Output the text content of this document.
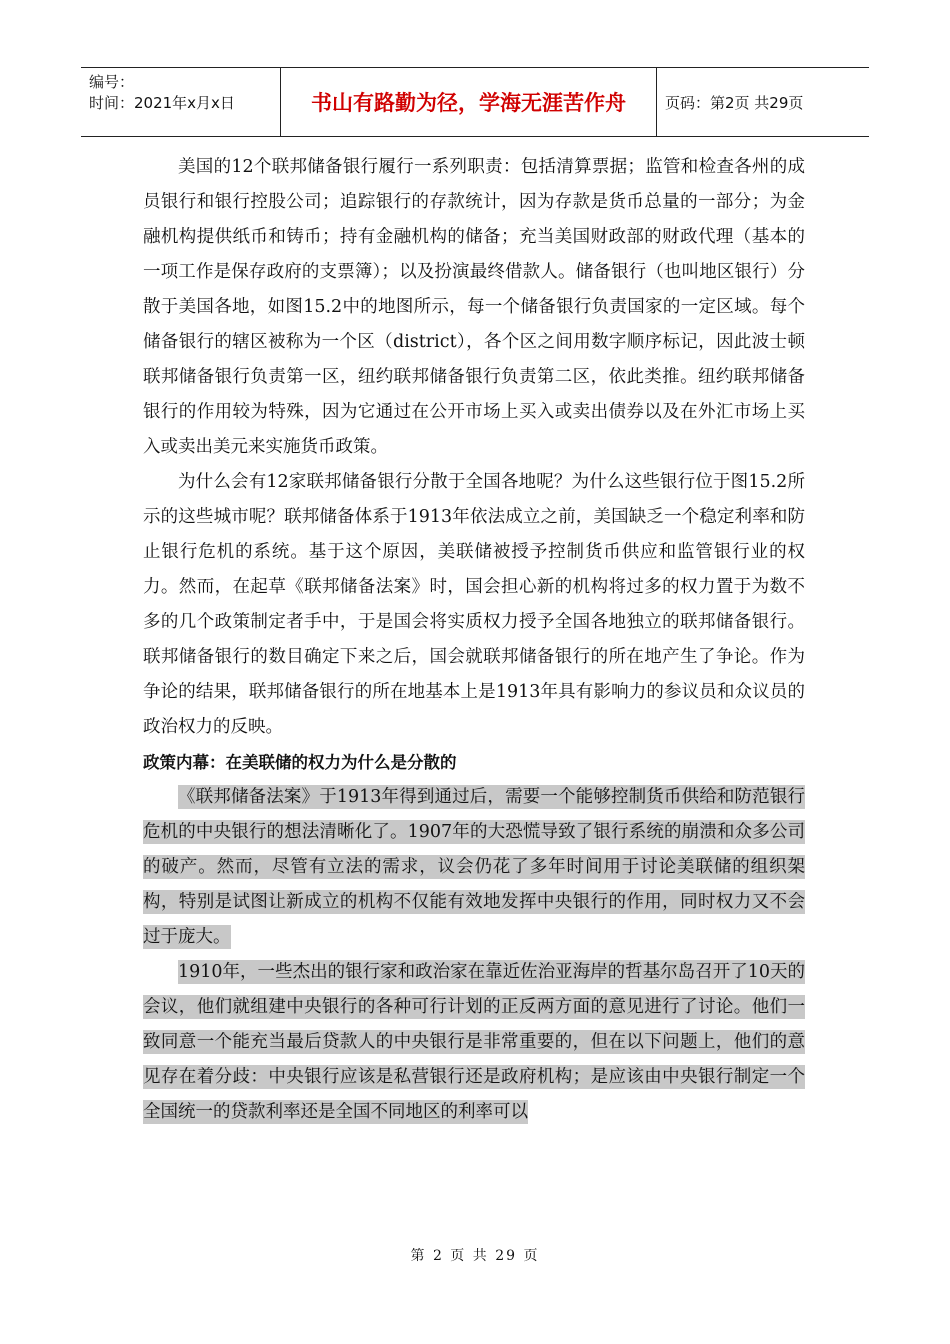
编号：
时间：2021年x月x日	书山有路勤为径，学海无涯苦作舟	页码：第2页 共29页

美国的12个联邦储备银行履行一系列职责：包括清算票据；监管和检查各州的成员银行和银行控股公司；追踪银行的存款统计，因为存款是货币总量的一部分；为金融机构提供纸币和铸币；持有金融机构的储备；充当美国财政部的财政代理（基本的一项工作是保存政府的支票簿）；以及扮演最终借款人。储备银行（也叫地区银行）分散于美国各地，如图15.2中的地图所示，每一个储备银行负责国家的一定区域。每个储备银行的辖区被称为一个区（district），各个区之间用数字顺序标记，因此波士顿联邦储备银行负责第一区，纽约联邦储备银行负责第二区，依此类推。纽约联邦储备银行的作用较为特殊，因为它通过在公开市场上买入或卖出债券以及在外汇市场上买入或卖出美元来实施货币政策。

为什么会有12家联邦储备银行分散于全国各地呢？为什么这些银行位于图15.2所示的这些城市呢？联邦储备体系于1913年依法成立之前，美国缺乏一个稳定利率和防止银行危机的系统。基于这个原因，美联储被授予控制货币供应和监管银行业的权力。然而，在起草《联邦储备法案》时，国会担心新的机构将过多的权力置于为数不多的几个政策制定者手中，于是国会将实质权力授予全国各地独立的联邦储备银行。联邦储备银行的数目确定下来之后，国会就联邦储备银行的所在地产生了争论。作为争论的结果，联邦储备银行的所在地基本上是1913年具有影响力的参议员和众议员的政治权力的反映。

政策内幕：在美联储的权力为什么是分散的

《联邦储备法案》于1913年得到通过后，需要一个能够控制货币供给和防范银行危机的中央银行的想法清晰化了。1907年的大恐慌导致了银行系统的崩溃和众多公司的破产。然而，尽管有立法的需求，议会仍花了多年时间用于讨论美联储的组织架构，特别是试图让新成立的机构不仅能有效地发挥中央银行的作用，同时权力又不会过于庞大。

1910年，一些杰出的银行家和政治家在靠近佐治亚海岸的哲基尔岛召开了10天的会议，他们就组建中央银行的各种可行计划的正反两方面的意见进行了讨论。他们一致同意一个能充当最后贷款人的中央银行是非常重要的，但在以下问题上，他们的意见存在着分歧：中央银行应该是私营银行还是政府机构；是应该由中央银行制定一个全国统一的贷款利率还是全国不同地区的利率可以

第 2 页 共 29 页
